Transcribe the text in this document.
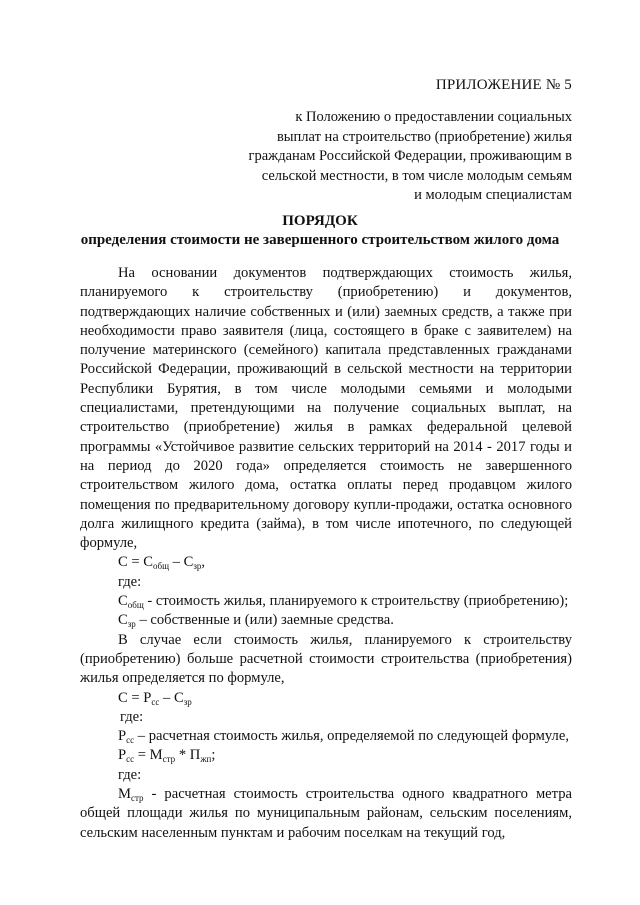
ПРИЛОЖЕНИЕ № 5
к Положению о предоставлении социальных
выплат на строительство (приобретение) жилья
гражданам Российской Федерации, проживающим в
сельской местности, в том числе молодым семьям
и молодым специалистам
ПОРЯДОК
определения стоимости не завершенного строительством жилого дома

На основании документов подтверждающих стоимость жилья, планируемого к строительству (приобретению) и документов, подтверждающих наличие собственных и (или) заемных средств, а также при необходимости право заявителя (лица, состоящего в браке с заявителем) на получение материнского (семейного) капитала представленных гражданами Российской Федерации, проживающий в сельской местности на территории Республики Бурятия, в том числе молодыми семьями и молодыми специалистами, претендующими на получение социальных выплат, на строительство (приобретение) жилья в рамках федеральной целевой программы «Устойчивое развитие сельских территорий на 2014 - 2017 годы и на период до 2020 года» определяется стоимость не завершенного строительством жилого дома, остатка оплаты перед продавцом жилого помещения по предварительному договору купли-продажи, остатка основного долга жилищного кредита (займа), в том числе ипотечного, по следующей формуле,

$С = С_{общ} - С_{зр}$,

где:

$С_{общ}$ - стоимость жилья, планируемого к строительству (приобретению);

$С_{зр}$ – собственные и (или) заемные средства.

В случае если стоимость жилья, планируемого к строительству (приобретению) больше расчетной стоимости строительства (приобретения) жилья определяется по формуле,

$С = Р_{сс} - С_{зр}$

где:

$Р_{сс}$ – расчетная стоимость жилья, определяемой по следующей формуле,

$Р_{сс} = М_{стр} * П_{жп}$;

где:

$М_{стр}$ - расчетная стоимость строительства одного квадратного метра общей площади жилья по муниципальным районам, сельским поселениям, сельским населенным пунктам и рабочим поселкам на текущий год,
